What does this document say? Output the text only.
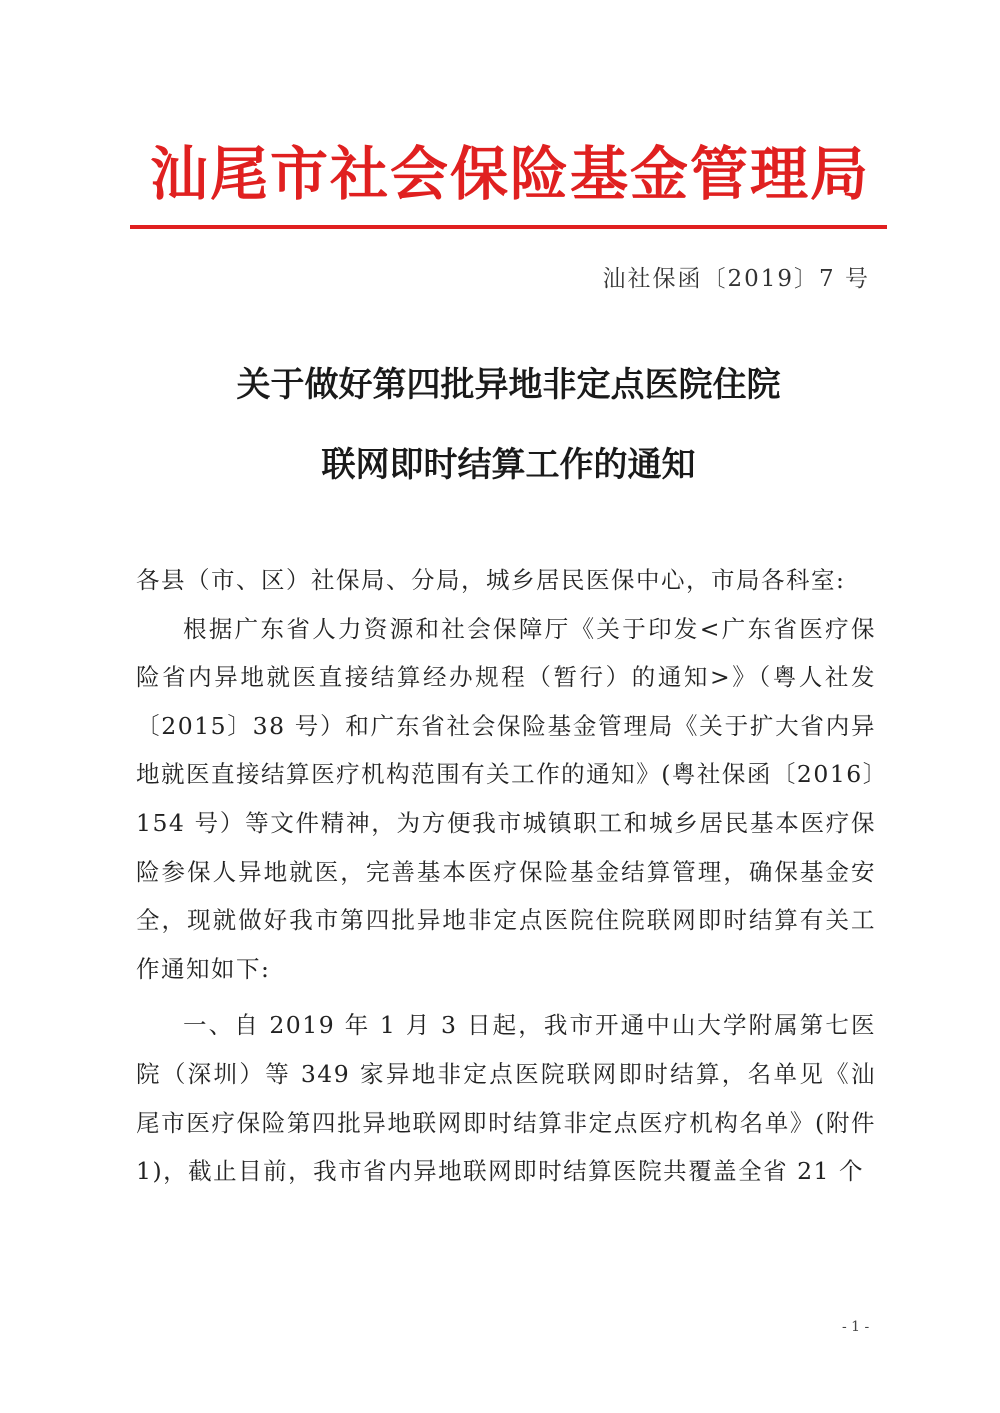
汕尾市社会保险基金管理局
汕社保函〔2019〕7 号
关于做好第四批异地非定点医院住院
联网即时结算工作的通知

各县（市、区）社保局、分局，城乡居民医保中心，市局各科室:

根据广东省人力资源和社会保障厅《关于印发<广东省医疗保险省内异地就医直接结算经办规程（暂行）的通知>》（粤人社发〔2015〕38 号）和广东省社会保险基金管理局《关于扩大省内异地就医直接结算医疗机构范围有关工作的通知》(粤社保函〔2016〕154 号）等文件精神，为方便我市城镇职工和城乡居民基本医疗保险参保人异地就医，完善基本医疗保险基金结算管理，确保基金安全，现就做好我市第四批异地非定点医院住院联网即时结算有关工作通知如下:

一、自 2019 年 1 月 3 日起，我市开通中山大学附属第七医院（深圳）等 349 家异地非定点医院联网即时结算，名单见《汕尾市医疗保险第四批异地联网即时结算非定点医疗机构名单》(附件 1)，截止目前，我市省内异地联网即时结算医院共覆盖全省 21 个

- 1 -
